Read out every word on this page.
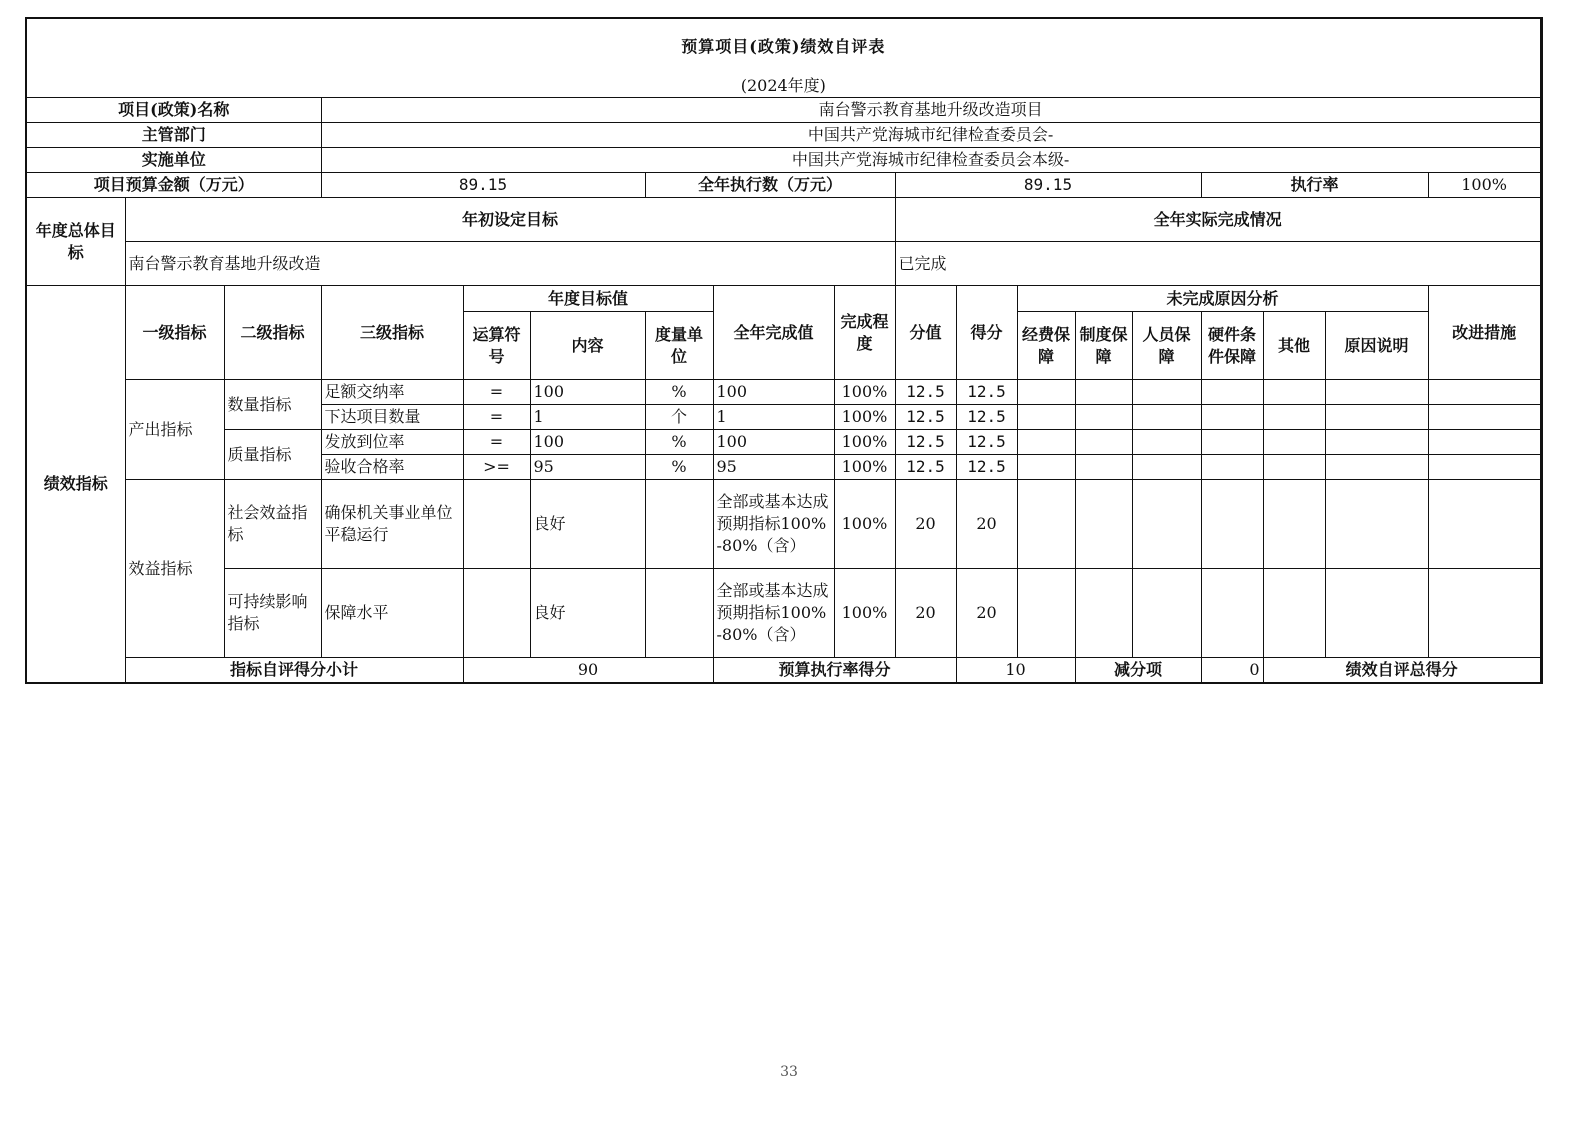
预算项目(政策)绩效自评表																		
(2024年度)																		
项目(政策)名称			南台警示教育基地升级改造项目															
主管部门			中国共产党海城市纪律检查委员会-															
实施单位			中国共产党海城市纪律检查委员会本级-															
项目预算金额（万元）			89.15			全年执行数（万元）			89.15					执行率			100%	
年度总体目标	年初设定目标								全年实际完成情况									
	南台警示教育基地升级改造								已完成									
绩效指标	一级指标	二级指标	三级指标	年度目标值			全年完成值	完成程度	分值	得分	未完成原因分析						改进措施	
				运算符号	内容	度量单位					经费保障	制度保障	人员保障	硬件条件保障	其他	原因说明		
	产出指标	数量指标	足额交纳率	=	100	%	100	100%	12.5	12.5								
			下达项目数量	=	1	个	1	100%	12.5	12.5								
		质量指标	发放到位率	=	100	%	100	100%	12.5	12.5								
			验收合格率	>=	95	%	95	100%	12.5	12.5								
	效益指标	社会效益指标	确保机关事业单位平稳运行		良好		全部或基本达成预期指标100%-80%（含）	100%	20	20								
		可持续影响指标	保障水平		良好		全部或基本达成预期指标100%-80%（含）	100%	20	20								
	指标自评得分小计			90			预算执行率得分			10		减分项		0	绩效自评总得分	
33
